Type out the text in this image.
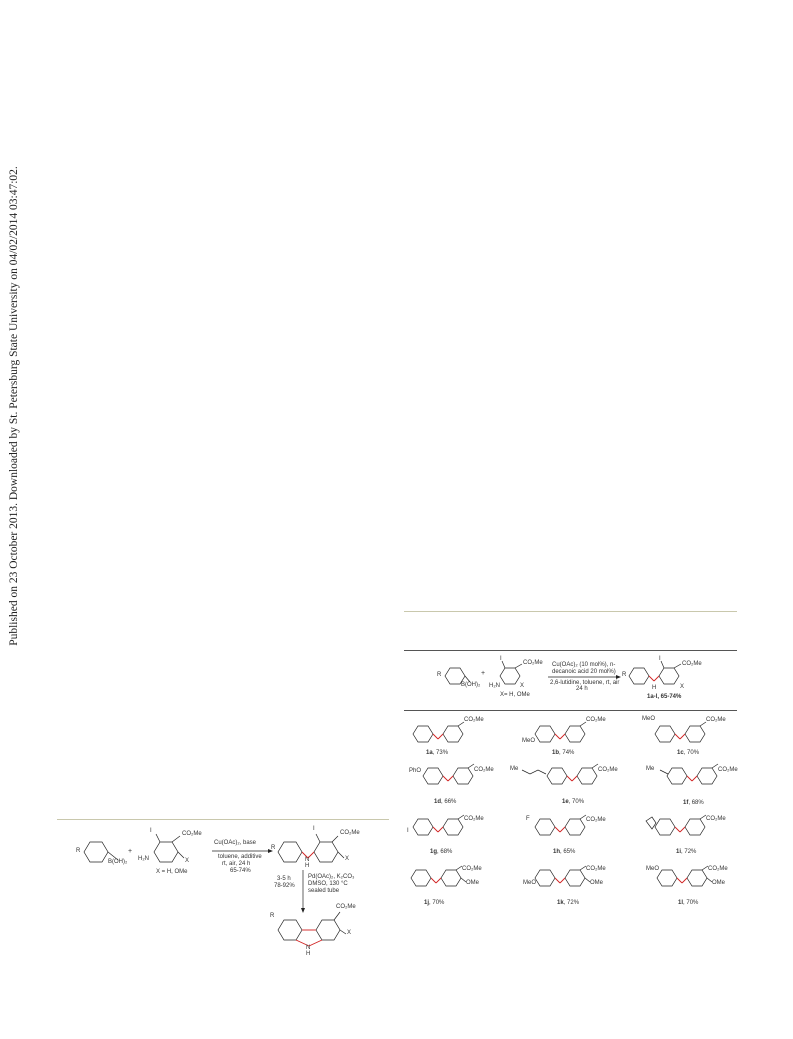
Published on 23 October 2013. Downloaded by St. Petersburg State University on 04/02/2014 03:47:02.
R
B(OH)₂
+
I	CO₂Me
H₂N	X
X = H, OMe
Cu(OAc)₂, base
toluene, additive
rt, air, 24 h
65-74%
R
I
CO₂Me
N
H
X
3-5 h
78-92%
Pd(OAc)₂, K₂CO₃
DMSO, 130 °C
sealed tube
R
CO₂Me
X
N
H
R
B(OH)₂
+
I
CO₂Me
H₂N	X
X= H, OMe
Cu(OAc)₂ (10 mol%), n-
decanoic acid 20 mol%)
2,6-lutidine, toluene, rt, air
24 h
R
I
CO₂Me
H	X
1a-l, 65-74%
CO₂Me
1a, 73%
MeO
CO₂Me
1b, 74%
MeO	CO₂Me
1c, 70%
PhO	CO₂Me
1d, 66%
Me	CO₂Me
1e, 70%
Me	CO₂Me
1f, 68%
I
CO₂Me
1g, 68%
F	CO₂Me
1h, 65%
CO₂Me
1i, 72%
CO₂Me
OMe
1j, 70%
MeO
CO₂Me
OMe
1k, 72%
MeO	CO₂Me
OMe
1l, 70%
